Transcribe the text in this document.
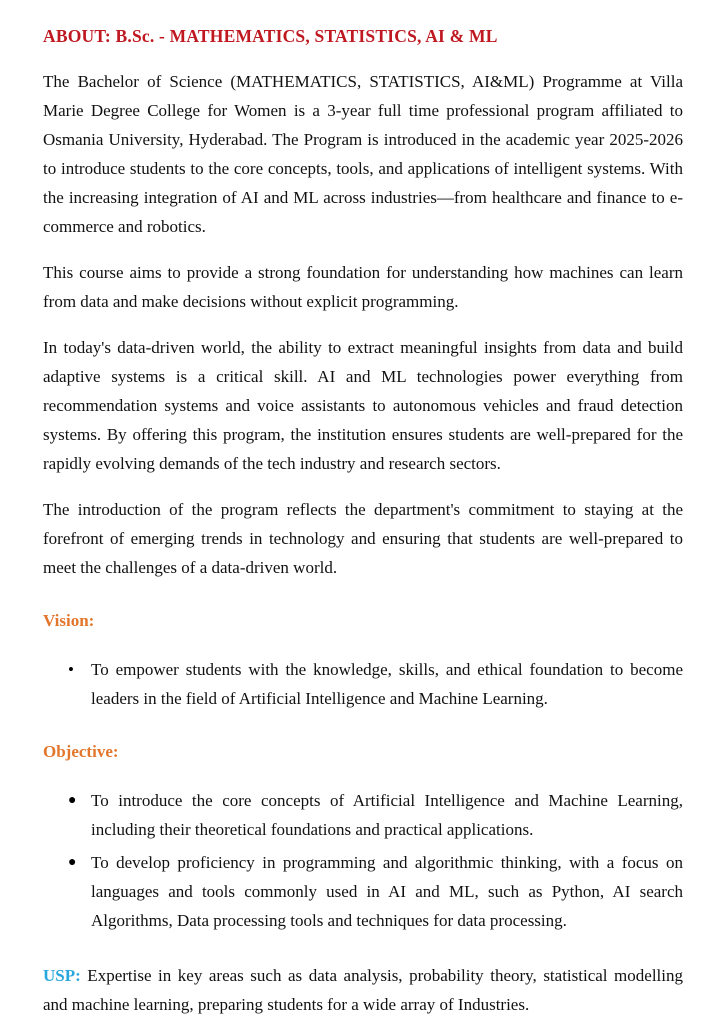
ABOUT: B.Sc. - MATHEMATICS, STATISTICS, AI & ML

The Bachelor of Science (MATHEMATICS, STATISTICS, AI&ML) Programme at Villa Marie Degree College for Women is a 3-year full time professional program affiliated to Osmania University, Hyderabad. The Program is introduced in the academic year 2025-2026 to introduce students to the core concepts, tools, and applications of intelligent systems. With the increasing integration of AI and ML across industries—from healthcare and finance to e-commerce and robotics.

This course aims to provide a strong foundation for understanding how machines can learn from data and make decisions without explicit programming.

In today's data-driven world, the ability to extract meaningful insights from data and build adaptive systems is a critical skill. AI and ML technologies power everything from recommendation systems and voice assistants to autonomous vehicles and fraud detection systems. By offering this program, the institution ensures students are well-prepared for the rapidly evolving demands of the tech industry and research sectors.

The introduction of the program reflects the department's commitment to staying at the forefront of emerging trends in technology and ensuring that students are well-prepared to meet the challenges of a data-driven world.

Vision:
• To empower students with the knowledge, skills, and ethical foundation to become leaders in the field of Artificial Intelligence and Machine Learning.
Objective:
● To introduce the core concepts of Artificial Intelligence and Machine Learning, including their theoretical foundations and practical applications.
● To develop proficiency in programming and algorithmic thinking, with a focus on languages and tools commonly used in AI and ML, such as Python, AI search Algorithms, Data processing tools and techniques for data processing.

USP: Expertise in key areas such as data analysis, probability theory, statistical modelling and machine learning, preparing students for a wide array of Industries.
